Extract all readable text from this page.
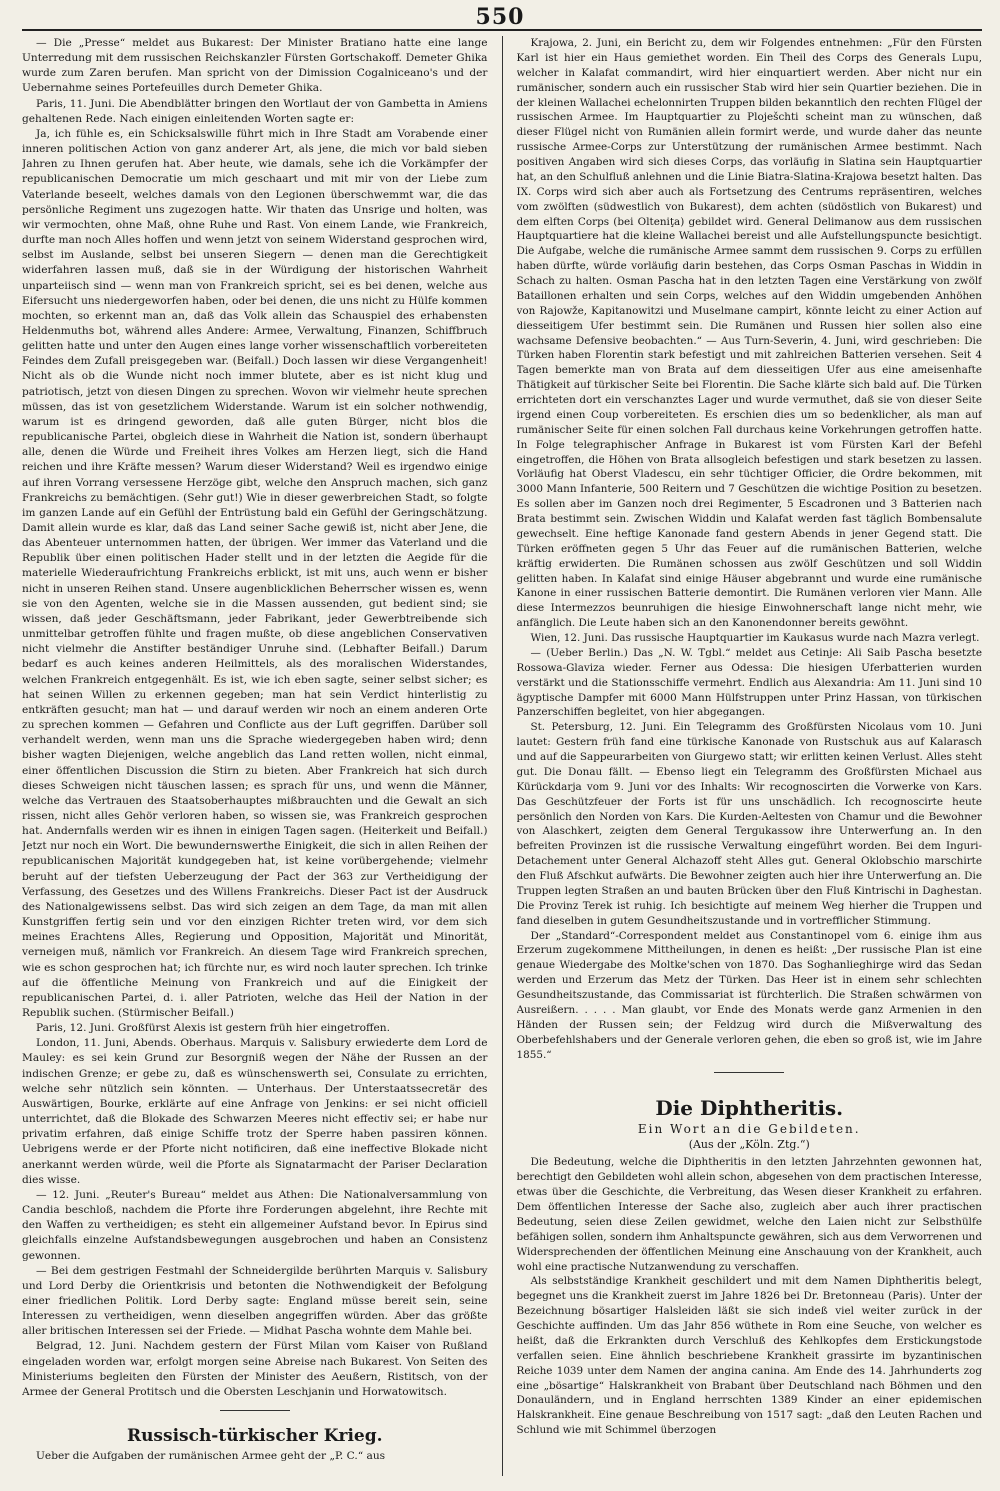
550

— Die „Presse“ meldet aus Bukarest: Der Minister Bratiano hatte eine lange Unterredung mit dem russischen Reichskanzler Fürsten Gortschakoff. Demeter Ghika wurde zum Zaren berufen. Man spricht von der Dimission Cogalniceano's und der Uebernahme seines Portefeuilles durch Demeter Ghika.

Paris, 11. Juni. Die Abendblätter bringen den Wortlaut der von Gambetta in Amiens gehaltenen Rede. Nach einigen einleitenden Worten sagte er:

Ja, ich fühle es, ein Schicksalswille führt mich in Ihre Stadt am Vorabende einer inneren politischen Action von ganz anderer Art, als jene, die mich vor bald sieben Jahren zu Ihnen gerufen hat. Aber heute, wie damals, sehe ich die Vorkämpfer der republicanischen Democratie um mich geschaart und mit mir von der Liebe zum Vaterlande beseelt, welches damals von den Legionen überschwemmt war, die das persönliche Regiment uns zugezogen hatte. Wir thaten das Unsrige und holten, was wir vermochten, ohne Maß, ohne Ruhe und Rast. Von einem Lande, wie Frankreich, durfte man noch Alles hoffen und wenn jetzt von seinem Widerstand gesprochen wird, selbst im Auslande, selbst bei unseren Siegern — denen man die Gerechtigkeit widerfahren lassen muß, daß sie in der Würdigung der historischen Wahrheit unparteiisch sind — wenn man von Frankreich spricht, sei es bei denen, welche aus Eifersucht uns niedergeworfen haben, oder bei denen, die uns nicht zu Hülfe kommen mochten, so erkennt man an, daß das Volk allein das Schauspiel des erhabensten Heldenmuths bot, während alles Andere: Armee, Verwaltung, Finanzen, Schiffbruch gelitten hatte und unter den Augen eines lange vorher wissenschaftlich vorbereiteten Feindes dem Zufall preisgegeben war. (Beifall.) Doch lassen wir diese Vergangenheit! Nicht als ob die Wunde nicht noch immer blutete, aber es ist nicht klug und patriotisch, jetzt von diesen Dingen zu sprechen. Wovon wir vielmehr heute sprechen müssen, das ist von gesetzlichem Widerstande. Warum ist ein solcher nothwendig, warum ist es dringend geworden, daß alle guten Bürger, nicht blos die republicanische Partei, obgleich diese in Wahrheit die Nation ist, sondern überhaupt alle, denen die Würde und Freiheit ihres Volkes am Herzen liegt, sich die Hand reichen und ihre Kräfte messen? Warum dieser Widerstand? Weil es irgendwo einige auf ihren Vorrang versessene Herzöge gibt, welche den Anspruch machen, sich ganz Frankreichs zu bemächtigen. (Sehr gut!) Wie in dieser gewerbreichen Stadt, so folgte im ganzen Lande auf ein Gefühl der Entrüstung bald ein Gefühl der Geringschätzung. Damit allein wurde es klar, daß das Land seiner Sache gewiß ist, nicht aber Jene, die das Abenteuer unternommen hatten, der übrigen. Wer immer das Vaterland und die Republik über einen politischen Hader stellt und in der letzten die Aegide für die materielle Wiederaufrichtung Frankreichs erblickt, ist mit uns, auch wenn er bisher nicht in unseren Reihen stand. Unsere augenblicklichen Beherrscher wissen es, wenn sie von den Agenten, welche sie in die Massen aussenden, gut bedient sind; sie wissen, daß jeder Geschäftsmann, jeder Fabrikant, jeder Gewerbtreibende sich unmittelbar getroffen fühlte und fragen mußte, ob diese angeblichen Conservativen nicht vielmehr die Anstifter beständiger Unruhe sind. (Lebhafter Beifall.) Darum bedarf es auch keines anderen Heilmittels, als des moralischen Widerstandes, welchen Frankreich entgegenhält. Es ist, wie ich eben sagte, seiner selbst sicher; es hat seinen Willen zu erkennen gegeben; man hat sein Verdict hinterlistig zu entkräften gesucht; man hat — und darauf werden wir noch an einem anderen Orte zu sprechen kommen — Gefahren und Conflicte aus der Luft gegriffen. Darüber soll verhandelt werden, wenn man uns die Sprache wiedergegeben haben wird; denn bisher wagten Diejenigen, welche angeblich das Land retten wollen, nicht einmal, einer öffentlichen Discussion die Stirn zu bieten. Aber Frankreich hat sich durch dieses Schweigen nicht täuschen lassen; es sprach für uns, und wenn die Männer, welche das Vertrauen des Staatsoberhauptes mißbrauchten und die Gewalt an sich rissen, nicht alles Gehör verloren haben, so wissen sie, was Frankreich gesprochen hat. Andernfalls werden wir es ihnen in einigen Tagen sagen. (Heiterkeit und Beifall.) Jetzt nur noch ein Wort. Die bewundernswerthe Einigkeit, die sich in allen Reihen der republicanischen Majorität kundgegeben hat, ist keine vorübergehende; vielmehr beruht auf der tiefsten Ueberzeugung der Pact der 363 zur Vertheidigung der Verfassung, des Gesetzes und des Willens Frankreichs. Dieser Pact ist der Ausdruck des Nationalgewissens selbst. Das wird sich zeigen an dem Tage, da man mit allen Kunstgriffen fertig sein und vor den einzigen Richter treten wird, vor dem sich meines Erachtens Alles, Regierung und Opposition, Majorität und Minorität, verneigen muß, nämlich vor Frankreich. An diesem Tage wird Frankreich sprechen, wie es schon gesprochen hat; ich fürchte nur, es wird noch lauter sprechen. Ich trinke auf die öffentliche Meinung von Frankreich und auf die Einigkeit der republicanischen Partei, d. i. aller Patrioten, welche das Heil der Nation in der Republik suchen. (Stürmischer Beifall.)

Paris, 12. Juni. Großfürst Alexis ist gestern früh hier eingetroffen.

London, 11. Juni, Abends. Oberhaus. Marquis v. Salisbury erwiederte dem Lord de Mauley: es sei kein Grund zur Besorgniß wegen der Nähe der Russen an der indischen Grenze; er gebe zu, daß es wünschenswerth sei, Consulate zu errichten, welche sehr nützlich sein könnten. — Unterhaus. Der Unterstaatssecretär des Auswärtigen, Bourke, erklärte auf eine Anfrage von Jenkins: er sei nicht officiell unterrichtet, daß die Blokade des Schwarzen Meeres nicht effectiv sei; er habe nur privatim erfahren, daß einige Schiffe trotz der Sperre haben passiren können. Uebrigens werde er der Pforte nicht notificiren, daß eine ineffective Blokade nicht anerkannt werden würde, weil die Pforte als Signatarmacht der Pariser Declaration dies wisse.

— 12. Juni. „Reuter's Bureau“ meldet aus Athen: Die Nationalversammlung von Candia beschloß, nachdem die Pforte ihre Forderungen abgelehnt, ihre Rechte mit den Waffen zu vertheidigen; es steht ein allgemeiner Aufstand bevor. In Epirus sind gleichfalls einzelne Aufstandsbewegungen ausgebrochen und haben an Consistenz gewonnen.

— Bei dem gestrigen Festmahl der Schneidergilde berührten Marquis v. Salisbury und Lord Derby die Orientkrisis und betonten die Nothwendigkeit der Befolgung einer friedlichen Politik. Lord Derby sagte: England müsse bereit sein, seine Interessen zu vertheidigen, wenn dieselben angegriffen würden. Aber das größte aller britischen Interessen sei der Friede. — Midhat Pascha wohnte dem Mahle bei.

Belgrad, 12. Juni. Nachdem gestern der Fürst Milan vom Kaiser von Rußland eingeladen worden war, erfolgt morgen seine Abreise nach Bukarest. Von Seiten des Ministeriums begleiten den Fürsten der Minister des Aeußern, Ristitsch, von der Armee der General Protitsch und die Obersten Leschjanin und Horwatowitsch.

Russisch-türkischer Krieg.

Ueber die Aufgaben der rumänischen Armee geht der „P. C.“ aus

Krajowa, 2. Juni, ein Bericht zu, dem wir Folgendes entnehmen: „Für den Fürsten Karl ist hier ein Haus gemiethet worden. Ein Theil des Corps des Generals Lupu, welcher in Kalafat commandirt, wird hier einquartiert werden. Aber nicht nur ein rumänischer, sondern auch ein russischer Stab wird hier sein Quartier beziehen. Die in der kleinen Wallachei echelonnirten Truppen bilden bekanntlich den rechten Flügel der russischen Armee. Im Hauptquartier zu Ploješchti scheint man zu wünschen, daß dieser Flügel nicht von Rumänien allein formirt werde, und wurde daher das neunte russische Armee-Corps zur Unterstützung der rumänischen Armee bestimmt. Nach positiven Angaben wird sich dieses Corps, das vorläufig in Slatina sein Hauptquartier hat, an den Schulfluß anlehnen und die Linie Biatra-Slatina-Krajowa besetzt halten. Das IX. Corps wird sich aber auch als Fortsetzung des Centrums repräsentiren, welches vom zwölften (südwestlich von Bukarest), dem achten (südöstlich von Bukarest) und dem elften Corps (bei Olteniţa) gebildet wird. General Delimanow aus dem russischen Hauptquartiere hat die kleine Wallachei bereist und alle Aufstellungspuncte besichtigt. Die Aufgabe, welche die rumänische Armee sammt dem russischen 9. Corps zu erfüllen haben dürfte, würde vorläufig darin bestehen, das Corps Osman Paschas in Widdin in Schach zu halten. Osman Pascha hat in den letzten Tagen eine Verstärkung von zwölf Bataillonen erhalten und sein Corps, welches auf den Widdin umgebenden Anhöhen von Rajowže, Kapitanowitzi und Muselmane campirt, könnte leicht zu einer Action auf diesseitigem Ufer bestimmt sein. Die Rumänen und Russen hier sollen also eine wachsame Defensive beobachten.“ — Aus Turn-Severin, 4. Juni, wird geschrieben: Die Türken haben Florentin stark befestigt und mit zahlreichen Batterien versehen. Seit 4 Tagen bemerkte man von Brata auf dem diesseitigen Ufer aus eine ameisenhafte Thätigkeit auf türkischer Seite bei Florentin. Die Sache klärte sich bald auf. Die Türken errichteten dort ein verschanztes Lager und wurde vermuthet, daß sie von dieser Seite irgend einen Coup vorbereiteten. Es erschien dies um so bedenklicher, als man auf rumänischer Seite für einen solchen Fall durchaus keine Vorkehrungen getroffen hatte. In Folge telegraphischer Anfrage in Bukarest ist vom Fürsten Karl der Befehl eingetroffen, die Höhen von Brata allsogleich befestigen und stark besetzen zu lassen. Vorläufig hat Oberst Vladescu, ein sehr tüchtiger Officier, die Ordre bekommen, mit 3000 Mann Infanterie, 500 Reitern und 7 Geschützen die wichtige Position zu besetzen. Es sollen aber im Ganzen noch drei Regimenter, 5 Escadronen und 3 Batterien nach Brata bestimmt sein. Zwischen Widdin und Kalafat werden fast täglich Bombensalute gewechselt. Eine heftige Kanonade fand gestern Abends in jener Gegend statt. Die Türken eröffneten gegen 5 Uhr das Feuer auf die rumänischen Batterien, welche kräftig erwiderten. Die Rumänen schossen aus zwölf Geschützen und soll Widdin gelitten haben. In Kalafat sind einige Häuser abgebrannt und wurde eine rumänische Kanone in einer russischen Batterie demontirt. Die Rumänen verloren vier Mann. Alle diese Intermezzos beunruhigen die hiesige Einwohnerschaft lange nicht mehr, wie anfänglich. Die Leute haben sich an den Kanonendonner bereits gewöhnt.

Wien, 12. Juni. Das russische Hauptquartier im Kaukasus wurde nach Mazra verlegt.

— (Ueber Berlin.) Das „N. W. Tgbl.“ meldet aus Cetinje: Ali Saib Pascha besetzte Rossowa-Glaviza wieder. Ferner aus Odessa: Die hiesigen Uferbatterien wurden verstärkt und die Stationsschiffe vermehrt. Endlich aus Alexandria: Am 11. Juni sind 10 ägyptische Dampfer mit 6000 Mann Hülfstruppen unter Prinz Hassan, von türkischen Panzerschiffen begleitet, von hier abgegangen.

St. Petersburg, 12. Juni. Ein Telegramm des Großfürsten Nicolaus vom 10. Juni lautet: Gestern früh fand eine türkische Kanonade von Rustschuk aus auf Kalarasch und auf die Sappeurarbeiten von Giurgewo statt; wir erlitten keinen Verlust. Alles steht gut. Die Donau fällt. — Ebenso liegt ein Telegramm des Großfürsten Michael aus Kürückdarja vom 9. Juni vor des Inhalts: Wir recognoscirten die Vorwerke von Kars. Das Geschützfeuer der Forts ist für uns unschädlich. Ich recognoscirte heute persönlich den Norden von Kars. Die Kurden-Aeltesten von Chamur und die Bewohner von Alaschkert, zeigten dem General Tergukassow ihre Unterwerfung an. In den befreiten Provinzen ist die russische Verwaltung eingeführt worden. Bei dem Inguri-Detachement unter General Alchazoff steht Alles gut. General Oklobschio marschirte den Fluß Afschkut aufwärts. Die Bewohner zeigten auch hier ihre Unterwerfung an. Die Truppen legten Straßen an und bauten Brücken über den Fluß Kintrischi in Daghestan. Die Provinz Terek ist ruhig. Ich besichtigte auf meinem Weg hierher die Truppen und fand dieselben in gutem Gesundheitszustande und in vortrefflicher Stimmung.

Der „Standard“-Correspondent meldet aus Constantinopel vom 6. einige ihm aus Erzerum zugekommene Mittheilungen, in denen es heißt: „Der russische Plan ist eine genaue Wiedergabe des Moltke'schen von 1870. Das Soghanlieghirge wird das Sedan werden und Erzerum das Metz der Türken. Das Heer ist in einem sehr schlechten Gesundheitszustande, das Commissariat ist fürchterlich. Die Straßen schwärmen von Ausreißern. . . . . Man glaubt, vor Ende des Monats werde ganz Armenien in den Händen der Russen sein; der Feldzug wird durch die Mißverwaltung des Oberbefehlshabers und der Generale verloren gehen, die eben so groß ist, wie im Jahre 1855.“

Die Diphtheritis.

Ein Wort an die Gebildeten.

(Aus der „Köln. Ztg.“)

Die Bedeutung, welche die Diphtheritis in den letzten Jahrzehnten gewonnen hat, berechtigt den Gebildeten wohl allein schon, abgesehen von dem practischen Interesse, etwas über die Geschichte, die Verbreitung, das Wesen dieser Krankheit zu erfahren. Dem öffentlichen Interesse der Sache also, zugleich aber auch ihrer practischen Bedeutung, seien diese Zeilen gewidmet, welche den Laien nicht zur Selbsthülfe befähigen sollen, sondern ihm Anhaltspuncte gewähren, sich aus dem Verworrenen und Widersprechenden der öffentlichen Meinung eine Anschauung von der Krankheit, auch wohl eine practische Nutzanwendung zu verschaffen.

Als selbstständige Krankheit geschildert und mit dem Namen Diphtheritis belegt, begegnet uns die Krankheit zuerst im Jahre 1826 bei Dr. Bretonneau (Paris). Unter der Bezeichnung bösartiger Halsleiden läßt sie sich indeß viel weiter zurück in der Geschichte auffinden. Um das Jahr 856 wüthete in Rom eine Seuche, von welcher es heißt, daß die Erkrankten durch Verschluß des Kehlkopfes dem Erstickungstode verfallen seien. Eine ähnlich beschriebene Krankheit grassirte im byzantinischen Reiche 1039 unter dem Namen der angina canina. Am Ende des 14. Jahrhunderts zog eine „bösartige“ Halskrankheit von Brabant über Deutschland nach Böhmen und den Donauländern, und in England herrschten 1389 Kinder an einer epidemischen Halskrankheit. Eine genaue Beschreibung von 1517 sagt: „daß den Leuten Rachen und Schlund wie mit Schimmel überzogen
